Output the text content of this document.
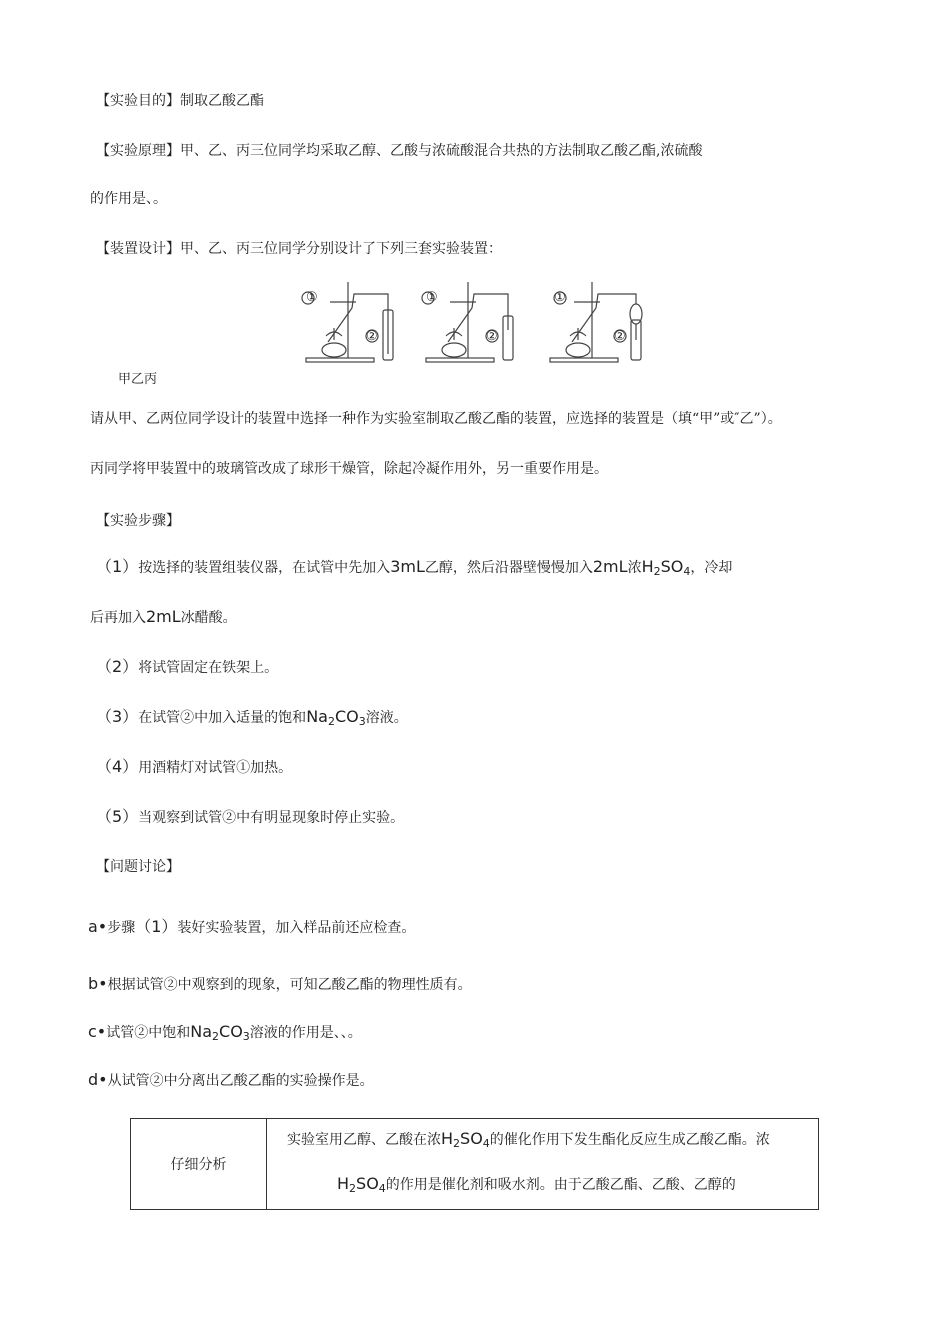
【实验目的】制取乙酸乙酯
【实验原理】甲、乙、丙三位同学均采取乙醇、乙酸与浓硫酸混合共热的方法制取乙酸乙酯,浓硫酸
的作用是、。
【装置设计】甲、乙、丙三位同学分别设计了下列三套实验装置：
甲乙丙
请从甲、乙两位同学设计的装置中选择一种作为实验室制取乙酸乙酯的装置，应选择的装置是（填“甲”或″乙”）。
丙同学将甲装置中的玻璃管改成了球形干燥管，除起冷凝作用外，另一重要作用是。
【实验步骤】
（1）按选择的装置组装仪器，在试管中先加入3mL乙醇，然后沿器壁慢慢加入2mL浓$H_2SO_4$，冷却
后再加入2mL冰醋酸。
（2）将试管固定在铁架上。
（3）在试管②中加入适量的饱和$Na_2CO_3$溶液。
（4）用酒精灯对试管①加热。
（5）当观察到试管②中有明显现象时停止实验。
【问题讨论】
a•步骤（1）装好实验装置，加入样品前还应检查。
b•根据试管②中观察到的现象，可知乙酸乙酯的物理性质有。
c•试管②中饱和$Na_2CO_3$溶液的作用是、、。
d•从试管②中分离出乙酸乙酯的实验操作是。
仔细分析	
实验室用乙醇、乙酸在浓$H_2SO_4$的催化作用下发生酯化反应生成乙酸乙酯。浓
$H_2SO_4$的作用是催化剂和吸水剂。由于乙酸乙酯、乙酸、乙醇的
①
②
①
②
①
②
